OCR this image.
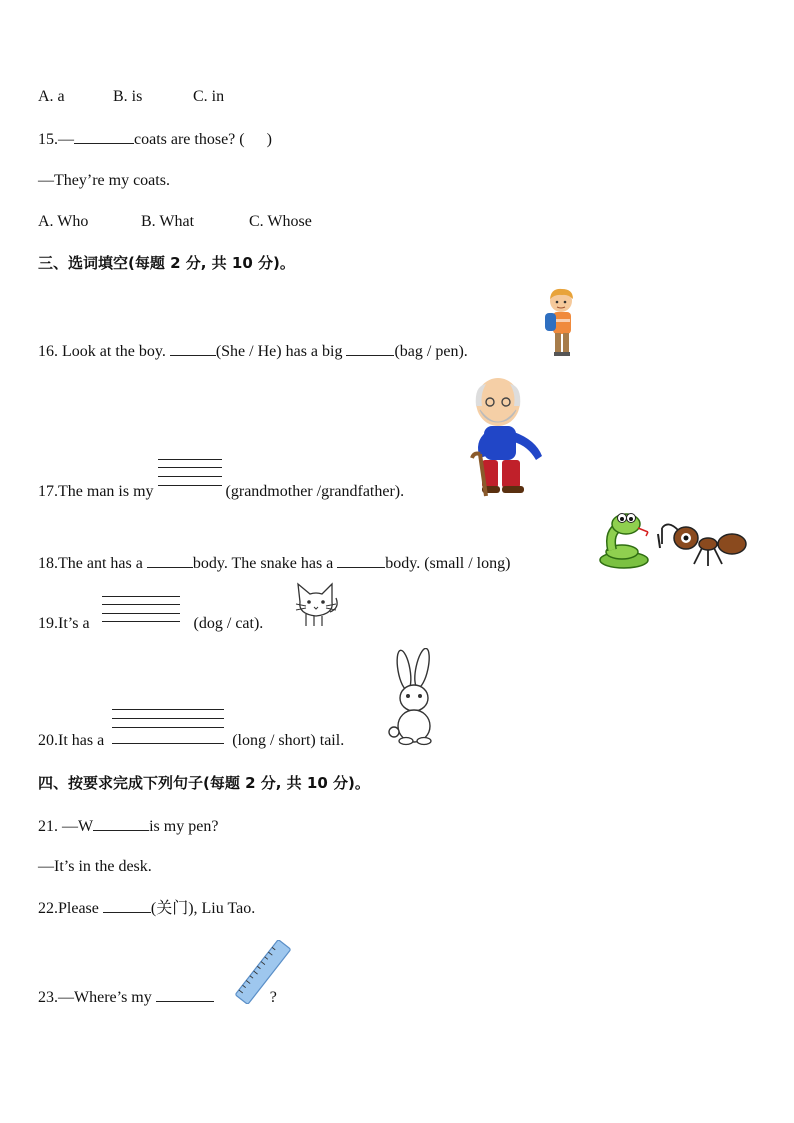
A. a	B. is	C. in
15.—	coats are those? ( )
—They’re my coats.
A. Who	B. What	C. Whose
三、选词填空(每题 2 分, 共 10 分)。
16. Look at the boy.	(She / He) has a big	(bag / pen).
17.The man is my	(grandmother /grandfather).
18.The ant has a	body. The snake has a	body. (small / long)
19.It’s a	(dog / cat).
20.It has a	(long / short) tail.
四、按要求完成下列句子(每题 2 分, 共 10 分)。
21. —W	is my pen?
—It’s in the desk.
22.Please	(关门), Liu Tao.
23.—Where’s my	?
